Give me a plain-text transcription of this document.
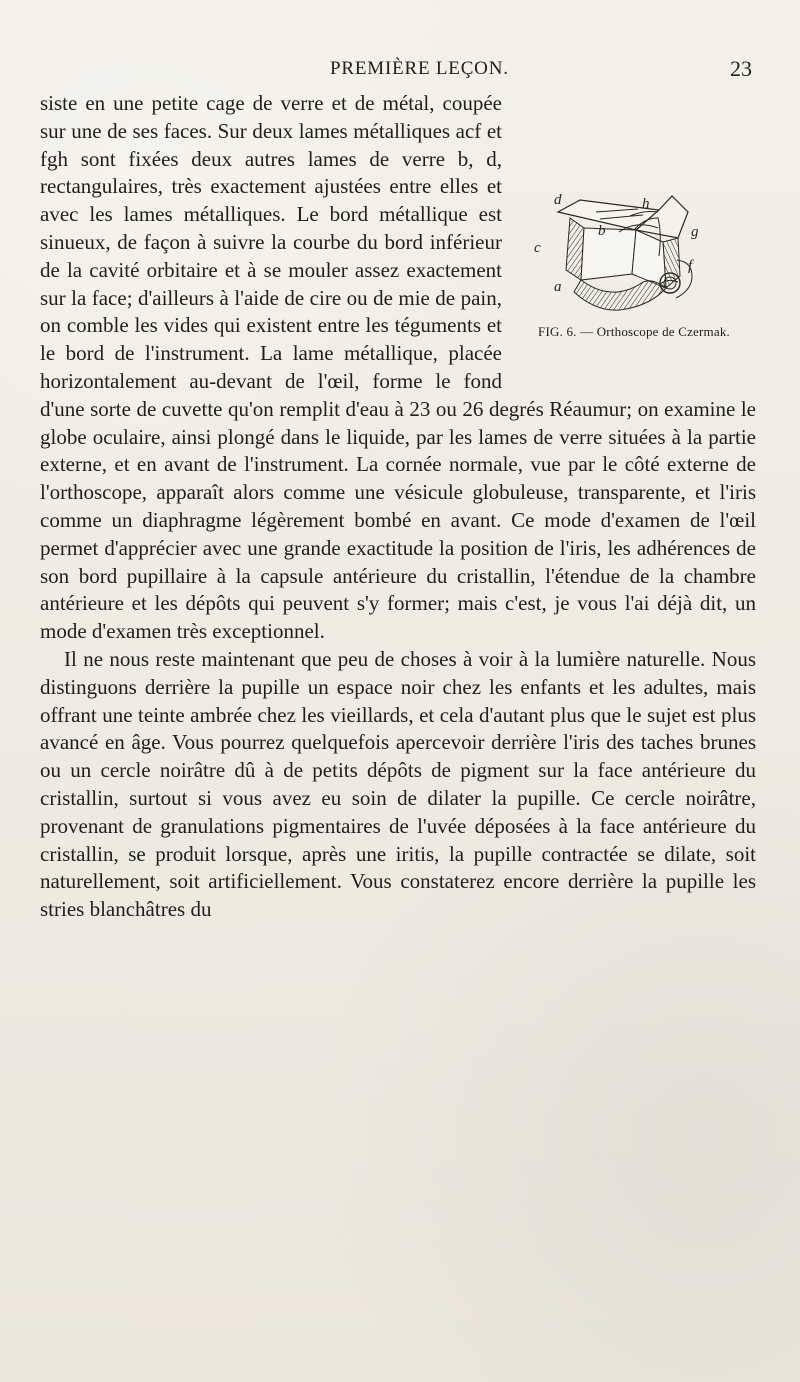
PREMIÈRE LEÇON.	23
d	h
b
c
g
f
a
FIG. 6. — Orthoscope de Czermak.

siste en une petite cage de verre et de métal, coupée sur une de ses faces. Sur deux lames métalliques acf et fgh sont fixées deux autres lames de verre b, d, rectangulaires, très exactement ajustées entre elles et avec les lames métalliques. Le bord métallique est sinueux, de façon à suivre la courbe du bord inférieur de la cavité orbitaire et à se mouler assez exactement sur la face; d'ailleurs à l'aide de cire ou de mie de pain, on comble les vides qui existent entre les téguments et le bord de l'instrument. La lame métallique, placée horizontalement au-devant de l'œil, forme le fond d'une sorte de cuvette qu'on remplit d'eau à 23 ou 26 degrés Réaumur; on examine le globe oculaire, ainsi plongé dans le liquide, par les lames de verre situées à la partie externe, et en avant de l'instrument. La cornée normale, vue par le côté externe de l'orthoscope, apparaît alors comme une vésicule globuleuse, transparente, et l'iris comme un diaphragme légèrement bombé en avant. Ce mode d'examen de l'œil permet d'apprécier avec une grande exactitude la position de l'iris, les adhérences de son bord pupillaire à la capsule antérieure du cristallin, l'étendue de la chambre antérieure et les dépôts qui peuvent s'y former; mais c'est, je vous l'ai déjà dit, un mode d'examen très exceptionnel.

Il ne nous reste maintenant que peu de choses à voir à la lumière naturelle. Nous distinguons derrière la pupille un espace noir chez les enfants et les adultes, mais offrant une teinte ambrée chez les vieillards, et cela d'autant plus que le sujet est plus avancé en âge. Vous pourrez quelquefois apercevoir derrière l'iris des taches brunes ou un cercle noirâtre dû à de petits dépôts de pigment sur la face antérieure du cristallin, surtout si vous avez eu soin de dilater la pupille. Ce cercle noirâtre, provenant de granulations pigmentaires de l'uvée déposées à la face antérieure du cristallin, se produit lorsque, après une iritis, la pupille contractée se dilate, soit naturellement, soit artificiellement. Vous constaterez encore derrière la pupille les stries blanchâtres du
